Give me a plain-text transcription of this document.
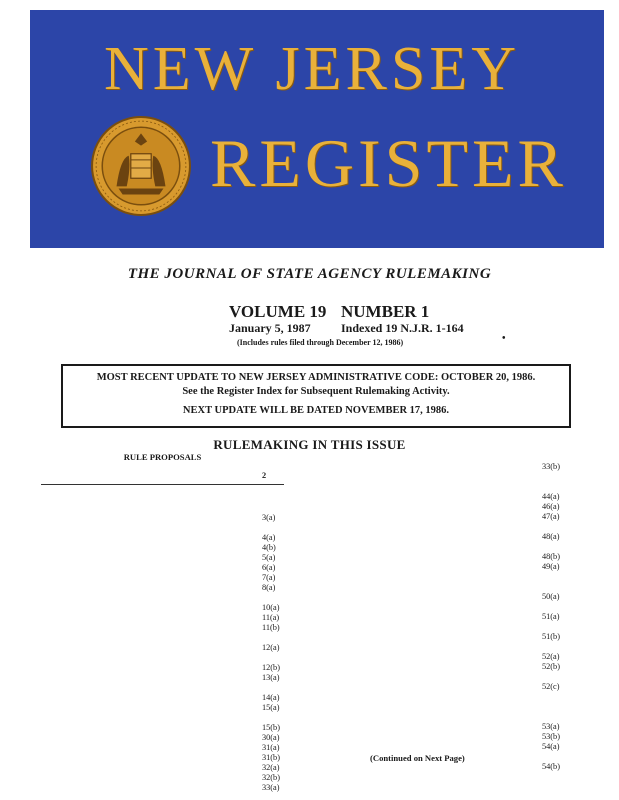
NEW JERSEY
REGISTER
THE JOURNAL OF STATE AGENCY RULEMAKING
VOLUME 19 NUMBER 1
January 5, 1987	Indexed 19 N.J.R. 1-164
(Includes rules filed through December 12, 1986)	•
MOST RECENT UPDATE TO NEW JERSEY ADMINISTRATIVE CODE: OCTOBER 20, 1986.
See the Register Index for Subsequent Rulemaking Activity.
NEXT UPDATE WILL BE DATED NOVEMBER 17, 1986.
RULEMAKING IN THIS ISSUE
RULE PROPOSALS
2
3(a)
4(a)
4(b)
5(a)
6(a)
7(a)
8(a)
10(a)
11(a)
11(b)
12(a)
12(b)
13(a)
14(a)
15(a)
15(b)
30(a)
31(a)
31(b)
32(a)
32(b)
33(a)
33(b)
44(a)
46(a)
47(a)
48(a)
48(b)
49(a)
50(a)
51(a)
51(b)
52(a)
52(b)
52(c)
53(a)
53(b)
54(a)
54(b)
(Continued on Next Page)
